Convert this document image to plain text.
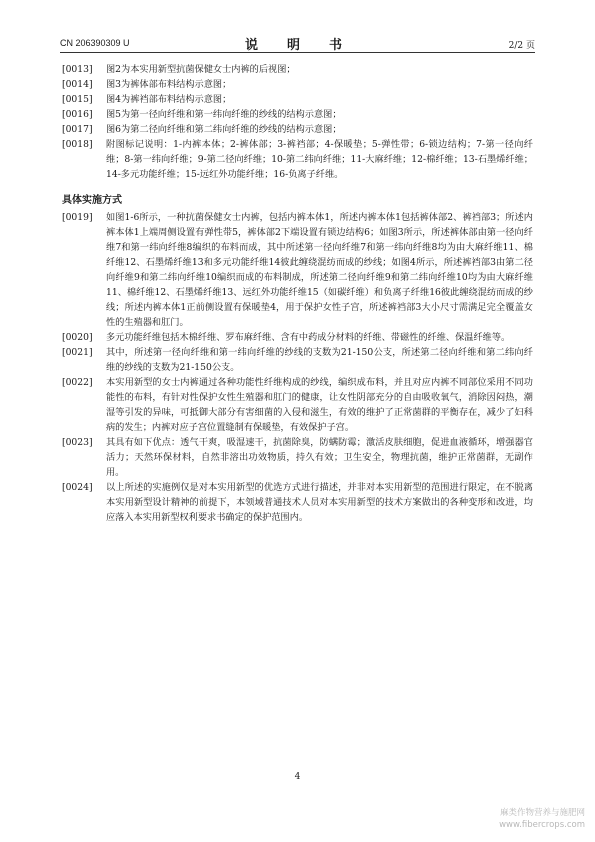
CN 206390309 U	说　明　书	2/2 页
[0013]	图2为本实用新型抗菌保健女士内裤的后视图；
[0014]	图3为裤体部布料结构示意图；
[0015]	图4为裤裆部布料结构示意图；
[0016]	图5为第一径向纤维和第一纬向纤维的纱线的结构示意图；
[0017]	图6为第二径向纤维和第二纬向纤维的纱线的结构示意图；
[0018]	附图标记说明：1-内裤本体；2-裤体部；3-裤裆部；4-保暖垫；5-弹性带；6-锁边结构；7-第一径向纤维；8-第一纬向纤维；9-第二径向纤维；10-第二纬向纤维；11-大麻纤维；12-棉纤维；13-石墨烯纤维；14-多元功能纤维；15-远红外功能纤维；16-负离子纤维。
具体实施方式
[0019]	如图1-6所示，一种抗菌保健女士内裤，包括内裤本体1，所述内裤本体1包括裤体部2、裤裆部3；所述内裤本体1上端周侧设置有弹性带5，裤体部2下端设置有锁边结构6；如图3所示，所述裤体部由第一径向纤维7和第一纬向纤维8编织的布料而成，其中所述第一径向纤维7和第一纬向纤维8均为由大麻纤维11、棉纤维12、石墨烯纤维13和多元功能纤维14彼此缠绕混纺而成的纱线；如图4所示，所述裤裆部3由第二径向纤维9和第二纬向纤维10编织而成的布料制成，所述第二径向纤维9和第二纬向纤维10均为由大麻纤维11、棉纤维12、石墨烯纤维13、远红外功能纤维15（如碳纤维）和负离子纤维16彼此缠绕混纺而成的纱线；所述内裤本体1正前侧设置有保暖垫4，用于保护女性子宫，所述裤裆部3大小尺寸需满足完全覆盖女性的生殖器和肛门。
[0020]	多元功能纤维包括木棉纤维、罗布麻纤维、含有中药成分材料的纤维、带磁性的纤维、保温纤维等。
[0021]	其中，所述第一径向纤维和第一纬向纤维的纱线的支数为21-150公支，所述第二径向纤维和第二纬向纤维的纱线的支数为21-150公支。
[0022]	本实用新型的女士内裤通过各种功能性纤维构成的纱线，编织成布料，并且对应内裤不同部位采用不同功能性的布料，有针对性保护女性生殖器和肛门的健康，让女性阴部充分的自由吸收氧气，消除因闷热，潮湿等引发的异味，可抵御大部分有害细菌的入侵和滋生，有效的维护了正常菌群的平衡存在，减少了妇科病的发生；内裤对应子宫位置缝制有保暖垫，有效保护子宫。
[0023]	其具有如下优点：透气干爽，吸湿速干，抗菌除臭，防螨防霉；激活皮肤细胞，促进血液循环，增强器官活力；天然环保材料，自然非溶出功效物质，持久有效；卫生安全，物理抗菌，维护正常菌群，无副作用。
[0024]	以上所述的实施例仅是对本实用新型的优选方式进行描述，并非对本实用新型的范围进行限定，在不脱离本实用新型设计精神的前提下，本领域普通技术人员对本实用新型的技术方案做出的各种变形和改进，均应落入本实用新型权利要求书确定的保护范围内。
4
麻类作物营养与施肥网
www.fibercrops.com
